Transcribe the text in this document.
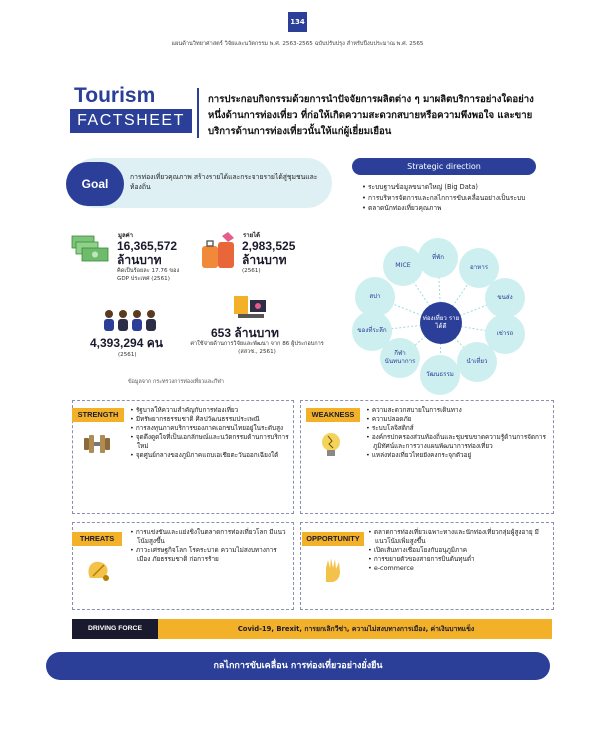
134
แผนด้านวิทยาศาสตร์ วิจัยและนวัตกรรม พ.ศ. 2563-2565 ฉบับปรับปรุง สำหรับปีงบประมาณ พ.ศ. 2565
Tourism
FACTSHEET
การประกอบกิจกรรมด้วยการนำปัจจัยการผลิตต่าง ๆ มาผลิตบริการอย่างใดอย่างหนึ่งด้านการท่องเที่ยว ที่ก่อให้เกิดความสะดวกสบายหรือความพึงพอใจ และขายบริการด้านการท่องเที่ยวนั้นให้แก่ผู้เยี่ยมเยือน
Goal	การท่องเที่ยวคุณภาพ สร้างรายได้และกระจายรายได้สู่ชุมชนและท้องถิ่น
มูลค่า
16,365,572
ล้านบาท
คิดเป็นร้อยละ 17.76 ของ GDP ประเทศ (2561)
รายได้
2,983,525
ล้านบาท
(2561)
4,393,294 คน
(2561)
653 ล้านบาท
ค่าใช้จ่ายด้านการวิจัยและพัฒนา จาก 86 ผู้ประกอบการ (สสวช., 2561)
ข้อมูลจาก กระทรวงการท่องเที่ยวและกีฬา
Strategic direction
• ระบบฐานข้อมูลขนาดใหญ่ (Big Data)
• การบริหารจัดการและกลไกการขับเคลื่อนอย่างเป็นระบบ
• ตลาดนักท่องเที่ยวคุณภาพ
ที่พัก
อาหาร
ขนส่ง
เช่ารถ
นำเที่ยว
วัฒนธรรม
กีฬา นันทนาการ
ของที่ระลึก
สปา
MICE
ท่องเที่ยว รายได้ดี
STRENGTH	• รัฐบาลให้ความสำคัญกับการท่องเที่ยว
• มีทรัพยากรธรรมชาติ ศิลปวัฒนธรรมประเพณี
• การลงทุนภาคบริการของภาคเอกชนไทยอยู่ในระดับสูง
• จุดดึงดูดใจที่เป็นเอกลักษณ์และนวัตกรรมด้านการบริการใหม่
• จุดศูนย์กลางของภูมิภาคแถบเอเชียตะวันออกเฉียงใต้
WEAKNESS	• ความสะดวกสบายในการเดินทาง
• ความปลอดภัย
• ระบบโลจิสติกส์
• องค์กรปกครองส่วนท้องถิ่นและชุมชนขาดความรู้ด้านการจัดการภูมิทัศน์และการวางแผนพัฒนาการท่องเที่ยว
• แหล่งท่องเที่ยวไทยยังคงกระจุกตัวอยู่
THREATS
• การแข่งขันและแย่งชิงในตลาดการท่องเที่ยวโลก มีแนวโน้มสูงขึ้น
• ภาวะเศรษฐกิจโลก โรคระบาด ความไม่สงบทางการเมือง ภัยธรรมชาติ ก่อการร้าย
OPPORTUNITY
• ตลาดการท่องเที่ยวเฉพาะทางและนักท่องเที่ยวกลุ่มผู้สูงอายุ มีแนวโน้มเพิ่มสูงขึ้น
• เปิดเส้นทางเชื่อมโยงกับอนุภูมิภาค
• การขยายตัวของสายการบินต้นทุนต่ำ
• e-commerce
DRIVING FORCE	Covid-19, Brexit, การยกเลิกวีซ่า, ความไม่สงบทางการเมือง, ค่าเงินบาทแข็ง
กลไกการขับเคลื่อน การท่องเที่ยวอย่างยั่งยืน
